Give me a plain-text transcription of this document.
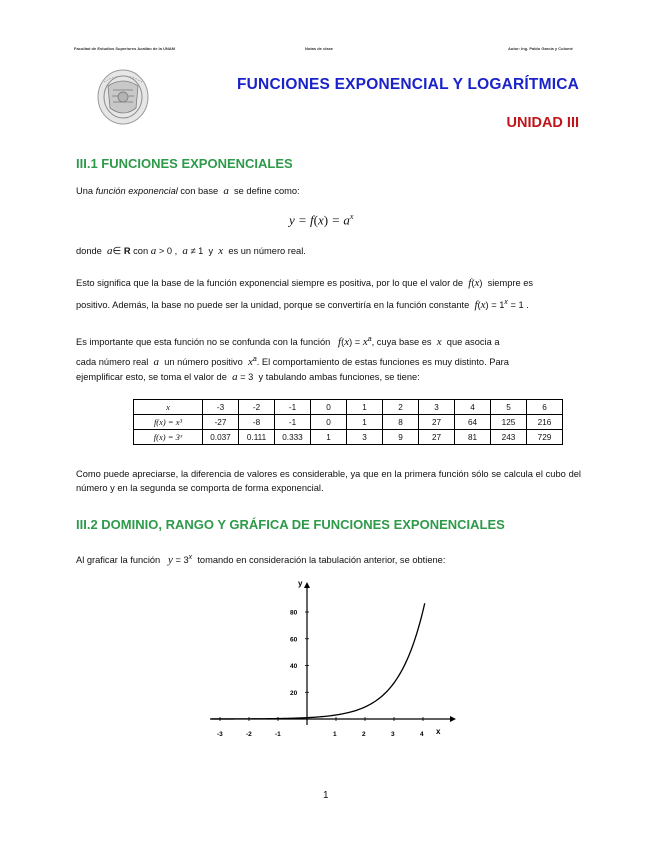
Facultad de Estudios Superiores Acatlán de la UNAM	Notas de clase	Autor: Ing. Pablo García y Colomé
FUNCIONES EXPONENCIAL Y LOGARÍTMICA
UNIDAD III
III.1 FUNCIONES EXPONENCIALES
Una función exponencial con base a se define como:
$y = f(x) = a^x$
donde a∈ R con a > 0 ,  a ≠ 1  y x es un número real.
Esto significa que la base de la función exponencial siempre es positiva, por lo que el valor de f(x)  siempre es
positivo. Además, la base no puede ser la unidad, porque se convertiría en la función constante $f(x) = 1^x = 1$ .
Es importante que esta función no se confunda con la función $f(x) = x^a$, cuya base es x que asocia a
cada número real a un número positivo $x^a$. El comportamiento de estas funciones es muy distinto. Para
ejemplificar esto, se toma el valor de a = 3  y tabulando ambas funciones, se tiene:
x	-3	-2	-1	0	1	2	3	4	5	6
f(x) = x³	-27	-8	-1	0	1	8	27	64	125	216
f(x) = 3ˣ	0.037	0.111	0.333	1	3	9	27	81	243	729
Como puede apreciarse, la diferencia de valores es considerable, ya que en la primera función sólo se calcula el cubo del número y en la segunda se comporta de forma exponencial.
III.2 DOMINIO, RANGO Y GRÁFICA DE FUNCIONES EXPONENCIALES
Al graficar la función $y = 3^x$ tomando en consideración la tabulación anterior, se obtiene:
y
x
-3	-2	-1	1	2	3	4
20
40
60
80
1
